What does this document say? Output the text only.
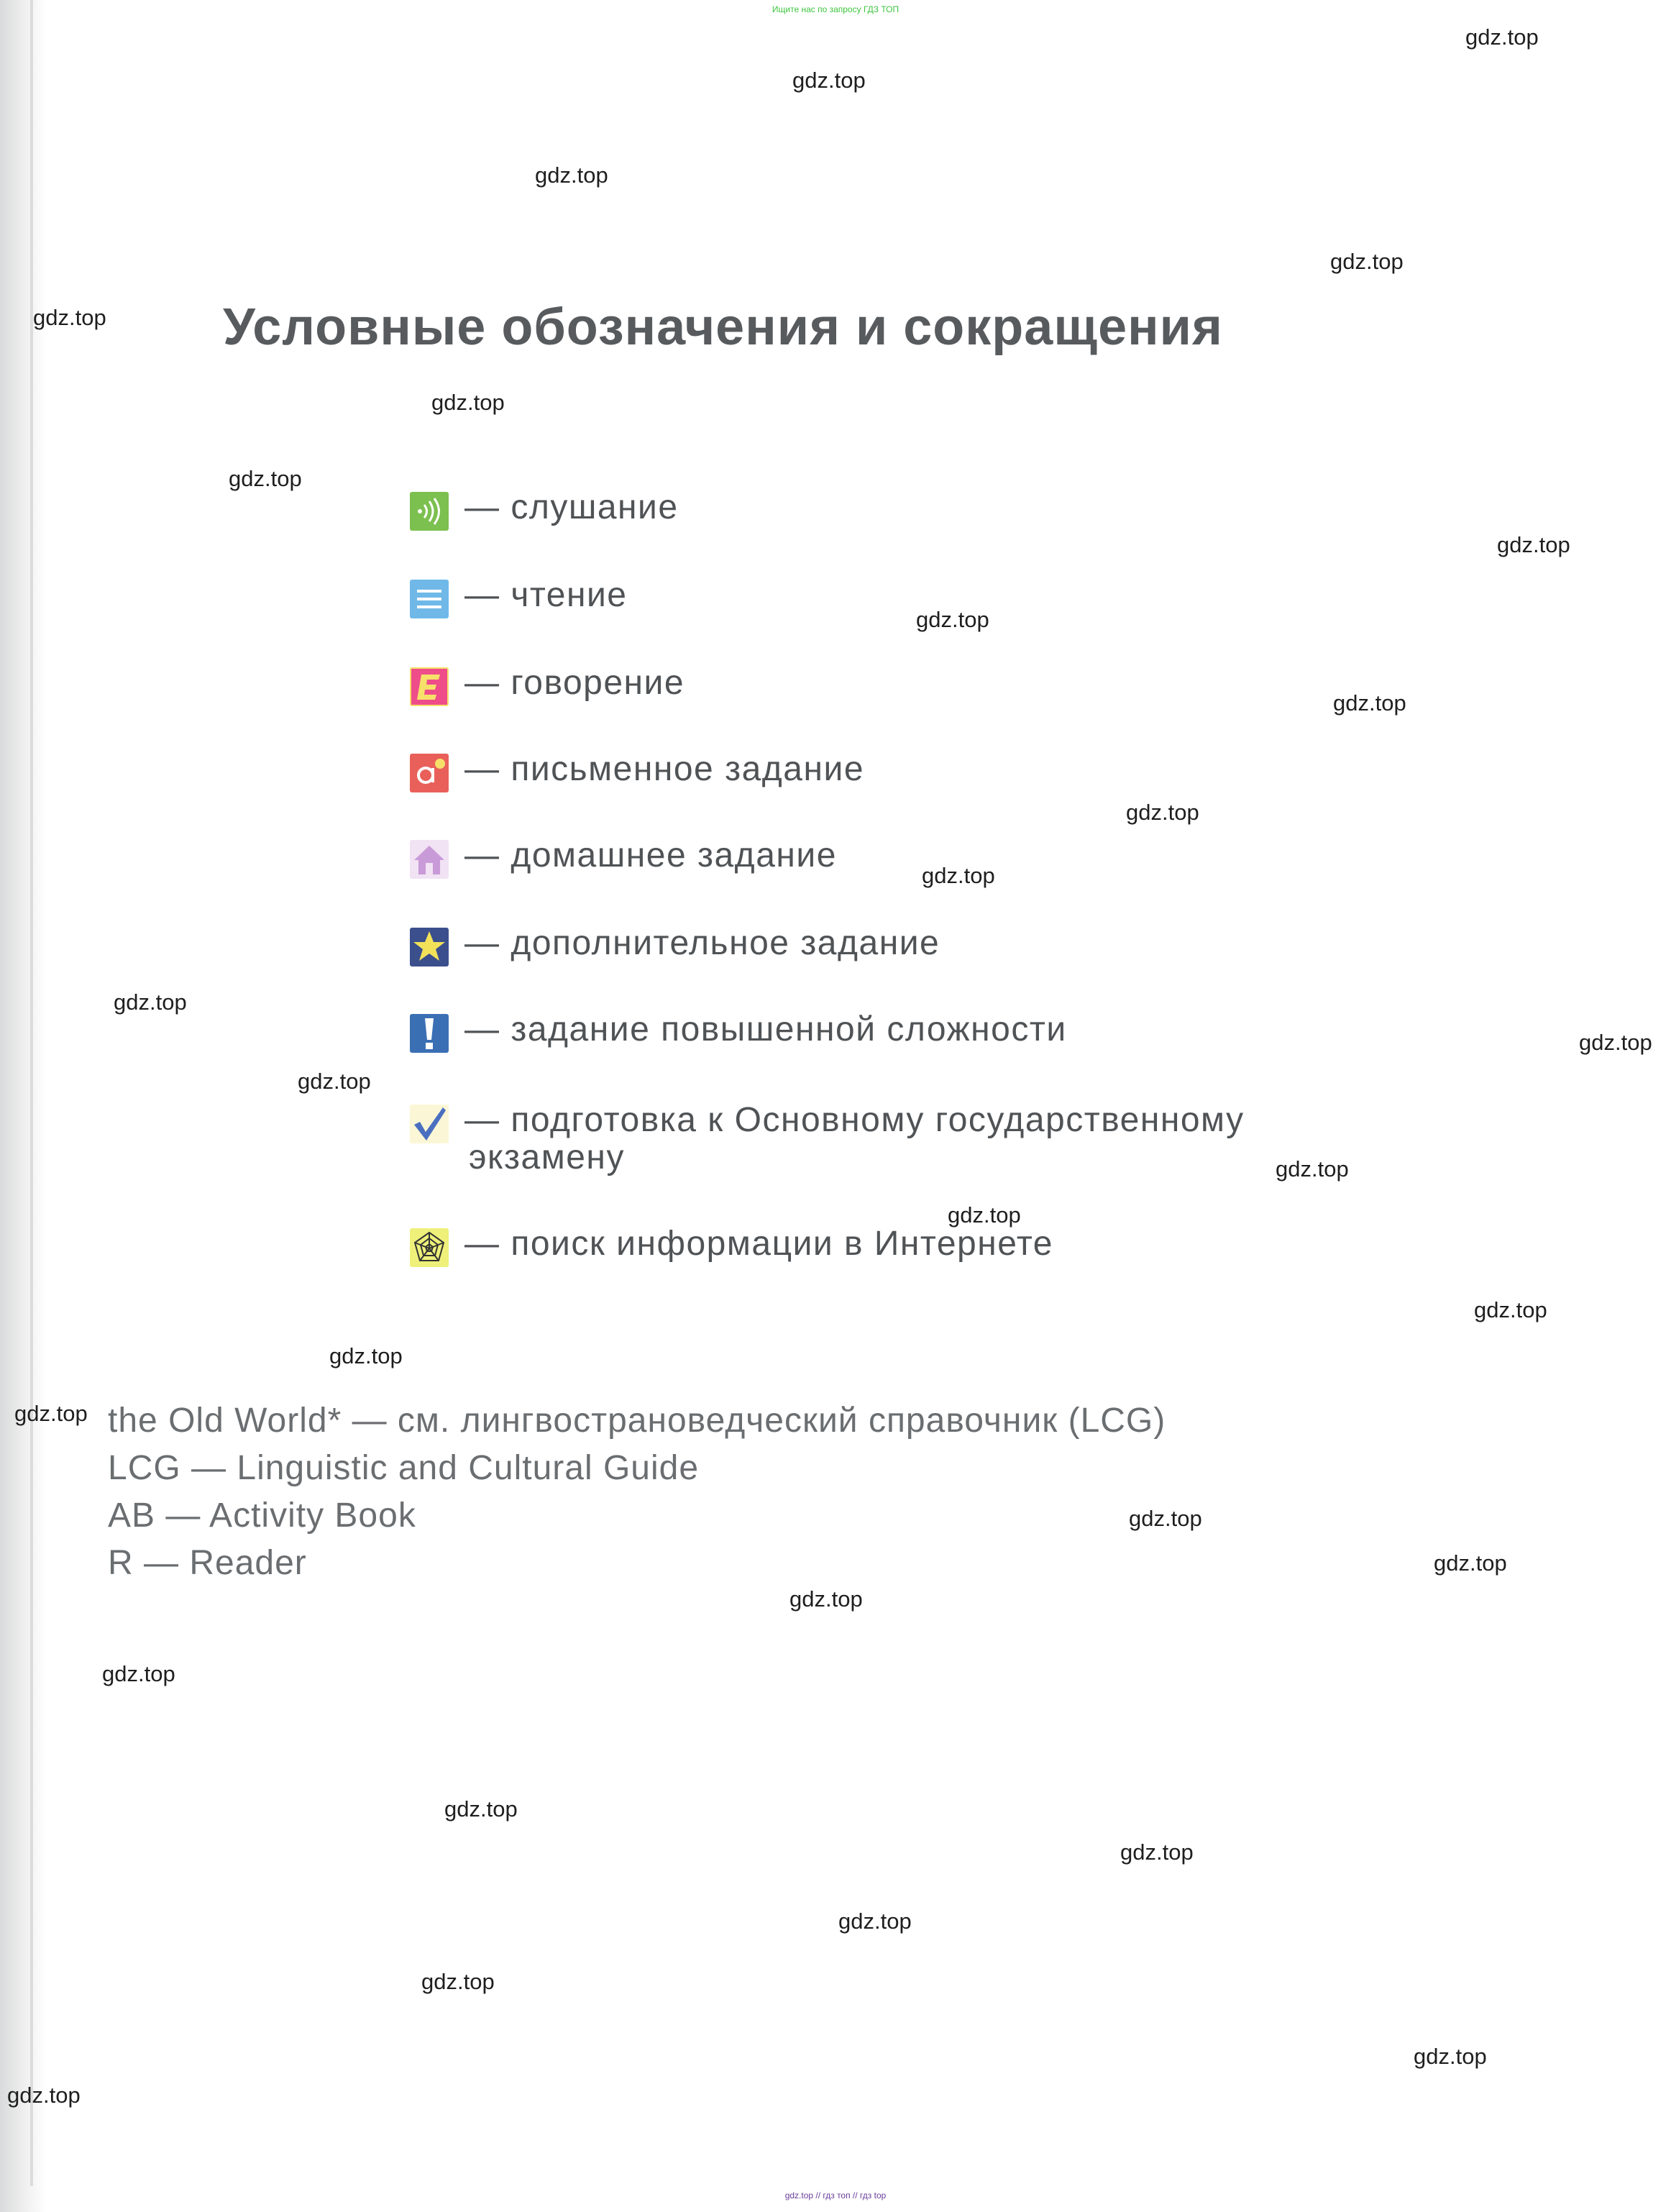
Ищите нас по запросу ГДЗ ТОП
Условные обозначения и сокращения
— слушание
— чтение
— говорение
— письменное задание
— домашнее задание
— дополнительное задание
— задание повышенной сложности
— подготовка к Основному государственному
экзамену
— поиск информации в Интернете
the Old World* — см. лингвострановедческий справочник (LCG)
LCG — Linguistic and Cultural Guide
AB — Activity Book
R — Reader
gdz.top
gdz.top
gdz.top
gdz.top
gdz.top
gdz.top
gdz.top
gdz.top
gdz.top
gdz.top
gdz.top
gdz.top
gdz.top
gdz.top
gdz.top
gdz.top
gdz.top
gdz.top
gdz.top
gdz.top
gdz.top
gdz.top
gdz.top
gdz.top
gdz.top
gdz.top
gdz.top
gdz.top
gdz.top
gdz.top
gdz.top // гдз топ // гдз top
